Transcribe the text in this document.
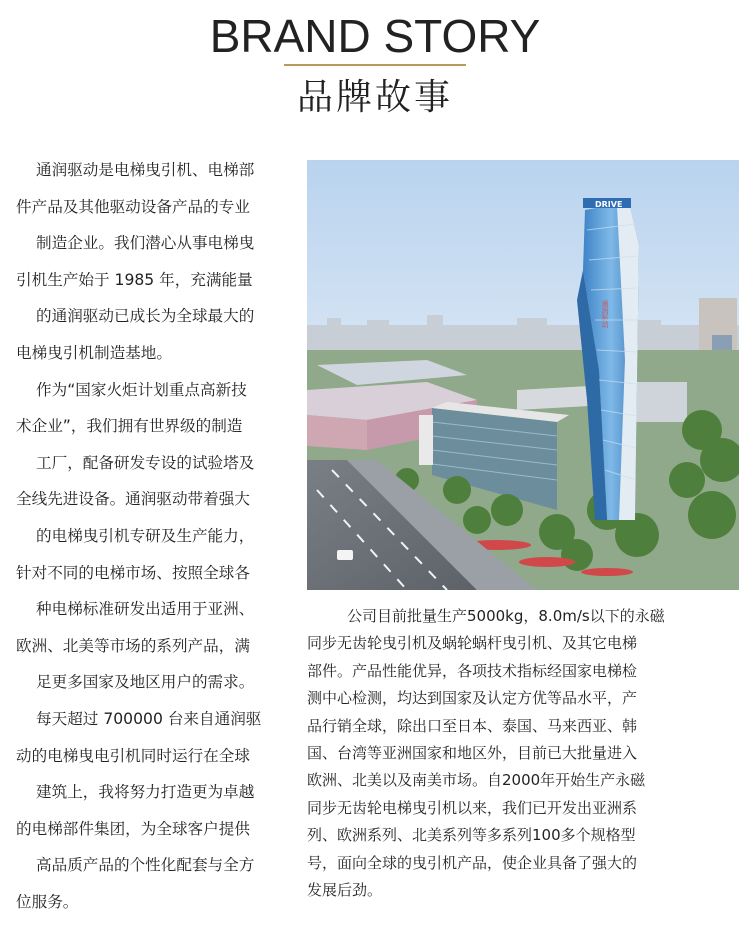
BRAND STORY
品牌故事
通润驱动是电梯曳引机、电梯部
件产品及其他驱动设备产品的专业
制造企业。我们潜心从事电梯曳
引机生产始于 1985 年，充满能量
的通润驱动已成长为全球最大的
电梯曳引机制造基地。
作为“国家火炬计划重点高新技
术企业”，我们拥有世界级的制造
工厂，配备研发专设的试验塔及
全线先进设备。通润驱动带着强大
的电梯曳引机专研及生产能力，
针对不同的电梯市场、按照全球各
种电梯标准研发出适用于亚洲、
欧洲、北美等市场的系列产品，满
足更多国家及地区用户的需求。
每天超过 700000 台来自通润驱
动的电梯曳电引机同时运行在全球
建筑上，我将努力打造更为卓越
的电梯部件集团，为全球客户提供
高品质产品的个性化配套与全方
位服务。
DRIVE
通润驱动
公司目前批量生产5000kg，8.0m/s以下的永磁
同步无齿轮曳引机及蜗轮蜗杆曳引机、及其它电梯
部件。产品性能优异，各项技术指标经国家电梯检
测中心检测，均达到国家及认定方优等品水平，产
品行销全球，除出口至日本、泰国、马来西亚、韩
国、台湾等亚洲国家和地区外，目前已大批量进入
欧洲、北美以及南美市场。自2000年开始生产永磁
同步无齿轮电梯曳引机以来，我们已开发出亚洲系
列、欧洲系列、北美系列等多系列100多个规格型
号，面向全球的曳引机产品，使企业具备了强大的
发展后劲。
